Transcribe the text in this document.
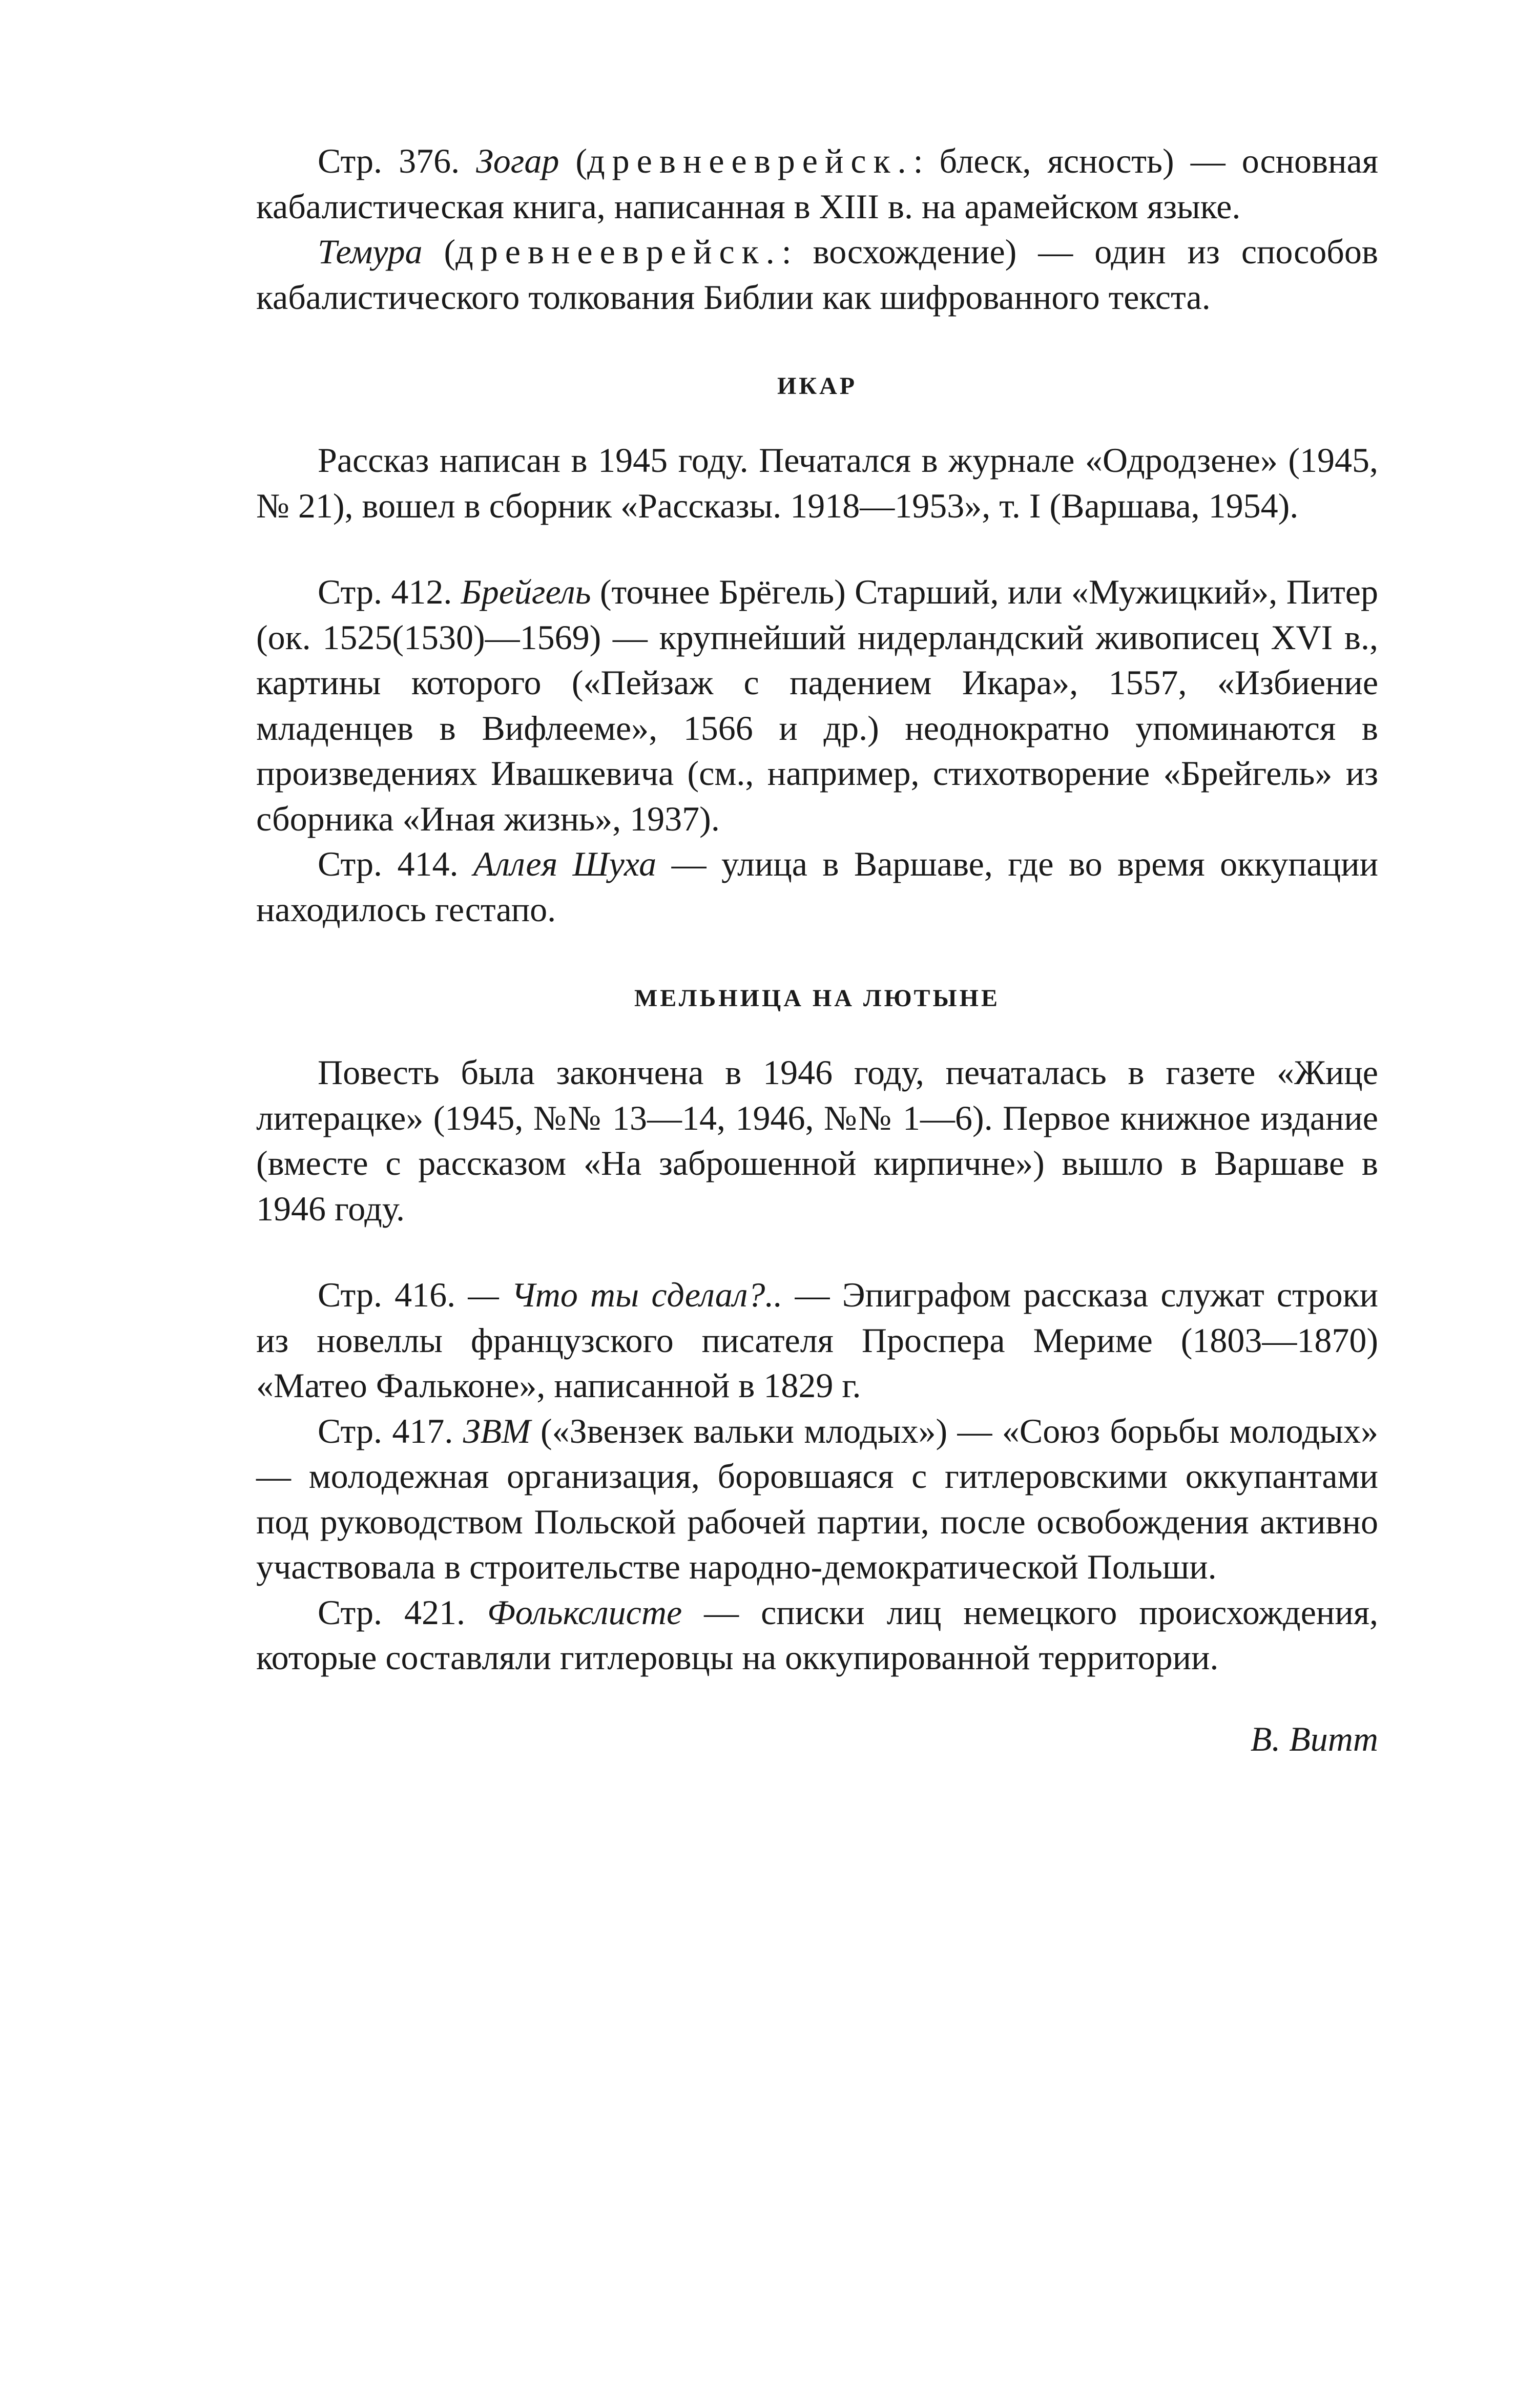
Стр. 376. Зогар (древнееврейск.: блеск, ясность) — основная кабалистическая книга, написанная в XIII в. на арамейском языке.

Темура (древнееврейск.: восхождение) — один из способов кабалистического толкования Библии как шифрованного текста.

ИКАР

Рассказ написан в 1945 году. Печатался в журнале «Одродзене» (1945, № 21), вошел в сборник «Рассказы. 1918—1953», т. I (Варшава, 1954).

Стр. 412. Брейгель (точнее Брёгель) Старший, или «Мужицкий», Питер (ок. 1525(1530)—1569) — крупнейший нидерландский живописец XVI в., картины которого («Пейзаж с падением Икара», 1557, «Избиение младенцев в Вифлееме», 1566 и др.) неоднократно упоминаются в произведениях Ивашкевича (см., например, стихотворение «Брейгель» из сборника «Иная жизнь», 1937).

Стр. 414. Аллея Шуха — улица в Варшаве, где во время оккупации находилось гестапо.

МЕЛЬНИЦА НА ЛЮТЫНЕ

Повесть была закончена в 1946 году, печаталась в газете «Жице литерацке» (1945, №№ 13—14, 1946, №№ 1—6). Первое книжное издание (вместе с рассказом «На заброшенной кирпичне») вышло в Варшаве в 1946 году.

Стр. 416. — Что ты сделал?.. — Эпиграфом рассказа служат строки из новеллы французского писателя Проспера Мериме (1803—1870) «Матео Фальконе», написанной в 1829 г.

Стр. 417. ЗВМ («Звензек вальки млодых») — «Союз борьбы молодых» — молодежная организация, боровшаяся с гитлеровскими оккупантами под руководством Польской рабочей партии, после освобождения активно участвовала в строительстве народно-демократической Польши.

Стр. 421. Фолькслисте — списки лиц немецкого происхождения, которые составляли гитлеровцы на оккупированной территории.

В. Витт
